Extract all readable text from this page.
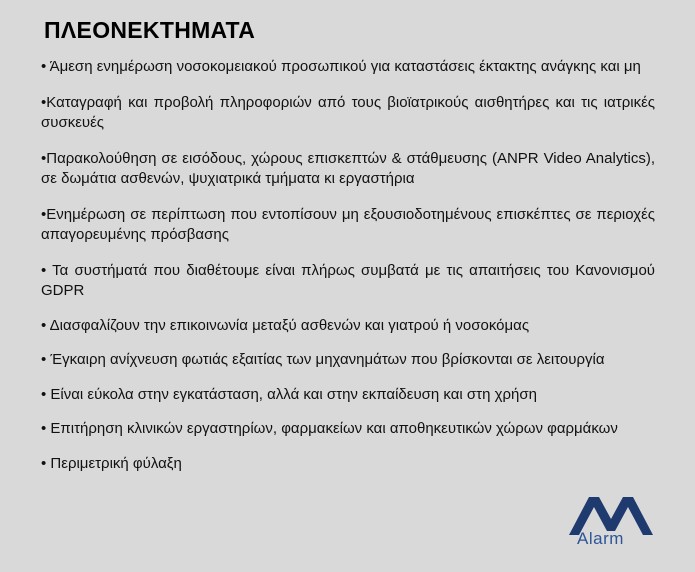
ΠΛΕΟΝΕΚΤΗΜΑΤΑ
• Άμεση ενημέρωση νοσοκομειακού προσωπικού για καταστάσεις έκτακτης ανάγκης και μη
•Καταγραφή και προβολή πληροφοριών από τους βιοϊατρικούς αισθητήρες και τις ιατρικές συσκευές
•Παρακολούθηση σε εισόδους, χώρους επισκεπτών & στάθμευσης (ANPR Video Analytics), σε δωμάτια ασθενών, ψυχιατρικά τμήματα κι εργαστήρια
•Ενημέρωση σε περίπτωση που εντοπίσουν μη εξουσιοδοτημένους επισκέπτες σε περιοχές απαγορευμένης πρόσβασης
• Τα συστήματά που διαθέτουμε είναι πλήρως συμβατά με τις απαιτήσεις του Κανονισμού GDPR
• Διασφαλίζουν την επικοινωνία μεταξύ ασθενών και γιατρού ή νοσοκόμας
• Έγκαιρη ανίχνευση φωτιάς εξαιτίας των μηχανημάτων που βρίσκονται σε λειτουργία
• Είναι εύκολα στην εγκατάσταση, αλλά και στην εκπαίδευση και στη χρήση
• Επιτήρηση κλινικών εργαστηρίων, φαρμακείων και αποθηκευτικών χώρων φαρμάκων
• Περιμετρική φύλαξη
Alarm
